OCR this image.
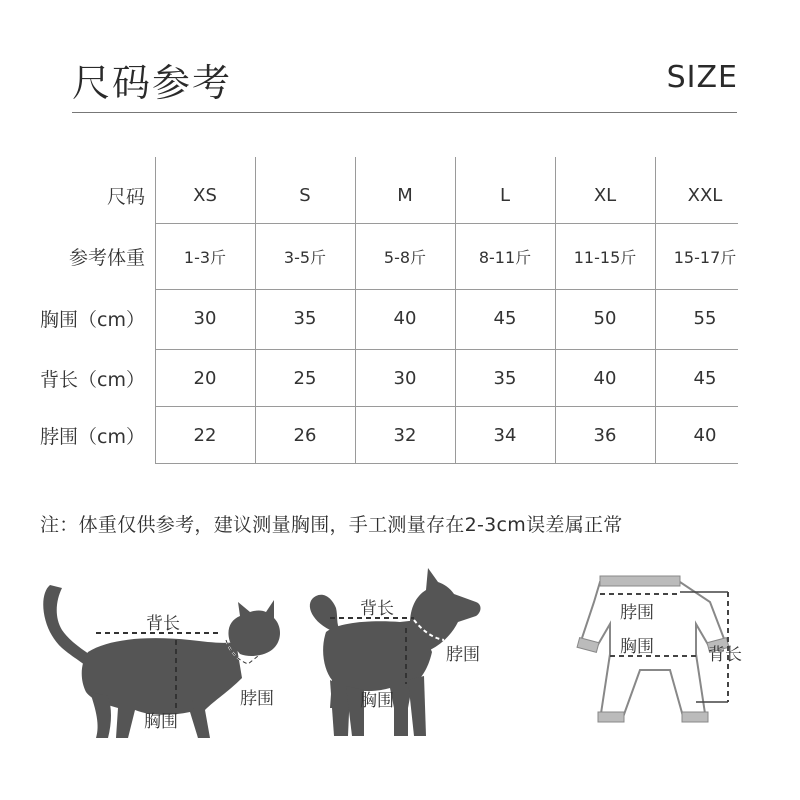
尺码参考	SIZE
尺码	XS	S	M	L	XL	XXL
参考体重	1-3斤	3-5斤	5-8斤	8-11斤	11-15斤	15-17斤
胸围（cm）	30	35	40	45	50	55
背长（cm）	20	25	30	35	40	45
脖围（cm）	22	26	32	34	36	40
注：体重仅供参考，建议测量胸围，手工测量存在2-3cm误差属正常
背长
脖围
胸围
背长
脖围
胸围
脖围
胸围	背长
